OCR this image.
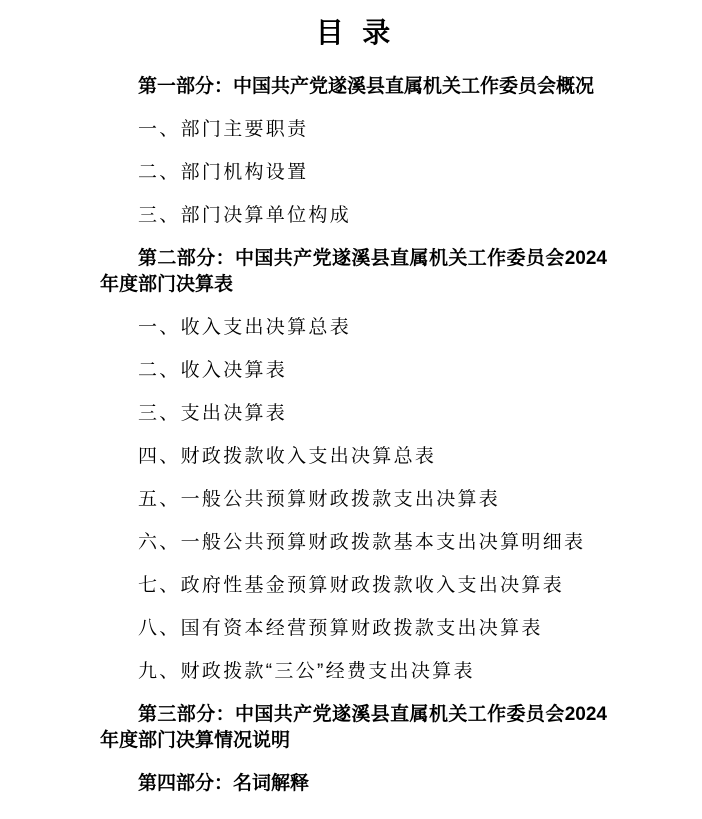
目  录

第一部分：中国共产党遂溪县直属机关工作委员会概况

一、部门主要职责

二、部门机构设置

三、部门决算单位构成

第二部分：中国共产党遂溪县直属机关工作委员会2024年度部门决算表

一、收入支出决算总表

二、收入决算表

三、支出决算表

四、财政拨款收入支出决算总表

五、一般公共预算财政拨款支出决算表

六、一般公共预算财政拨款基本支出决算明细表

七、政府性基金预算财政拨款收入支出决算表

八、国有资本经营预算财政拨款支出决算表

九、财政拨款“三公”经费支出决算表

第三部分：中国共产党遂溪县直属机关工作委员会2024年度部门决算情况说明

第四部分：名词解释
